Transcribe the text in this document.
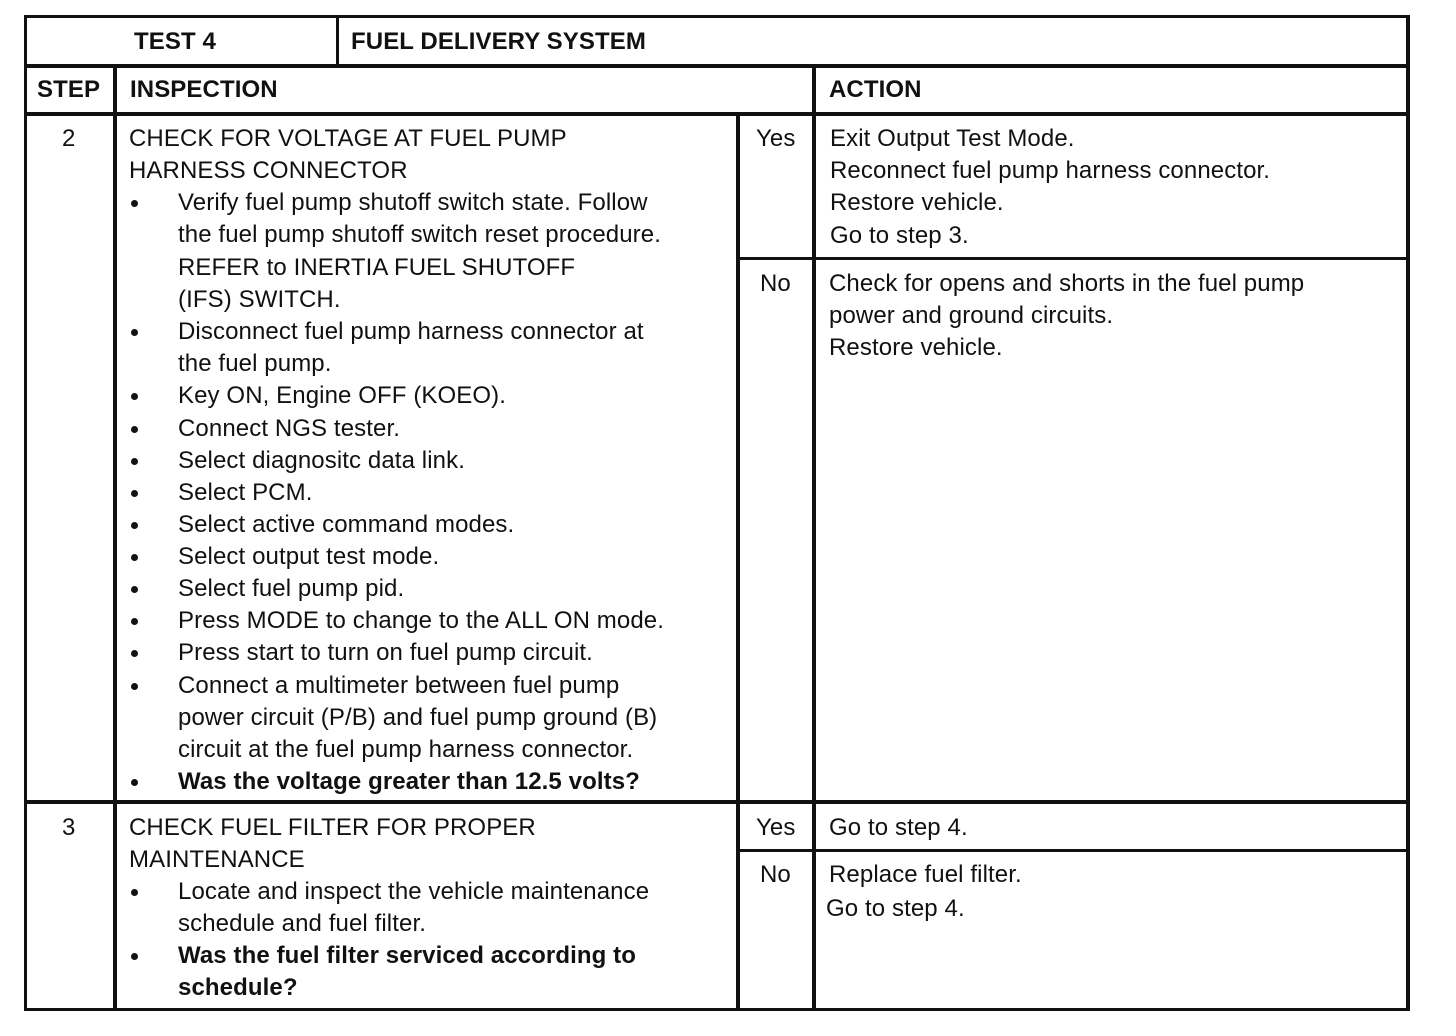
TEST 4	FUEL DELIVERY SYSTEM
STEP INSPECTION	ACTION
2 CHECK FOR VOLTAGE AT FUEL PUMP
HARNESS CONNECTOR
Verify fuel pump shutoff switch state. Follow
the fuel pump shutoff switch reset procedure.
REFER to INERTIA FUEL SHUTOFF
(IFS) SWITCH.
Disconnect fuel pump harness connector at
the fuel pump.
Key ON, Engine OFF (KOEO).
Connect NGS tester.
Select diagnositc data link.
Select PCM.
Select active command modes.
Select output test mode.
Select fuel pump pid.
Press MODE to change to the ALL ON mode.
Press start to turn on fuel pump circuit.
Connect a multimeter between fuel pump
power circuit (P/B) and fuel pump ground (B)
circuit at the fuel pump harness connector.
Was the voltage greater than 12.5 volts?
Yes Exit Output Test Mode.
Reconnect fuel pump harness connector.
Restore vehicle.
Go to step 3.
No Check for opens and shorts in the fuel pump
power and ground circuits.
Restore vehicle.
3 CHECK FUEL FILTER FOR PROPER
MAINTENANCE
Locate and inspect the vehicle maintenance
schedule and fuel filter.
Was the fuel filter serviced according to
schedule?
Yes Go to step 4.
No Replace fuel filter.
Go to step 4.
